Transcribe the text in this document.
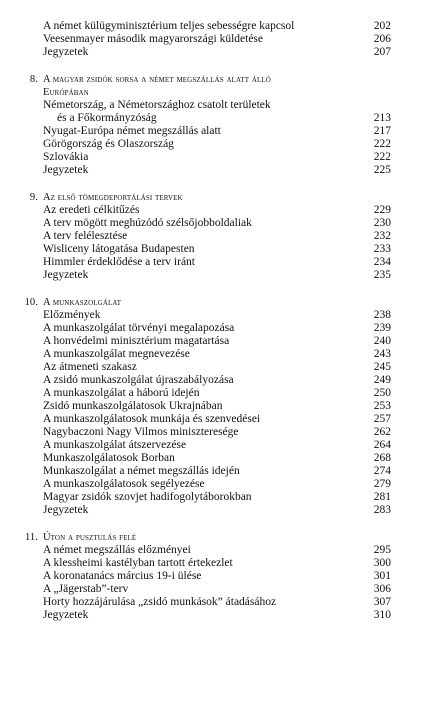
A német külügyminisztérium teljes sebességre kapcsol	202
Veesenmayer második magyarországi küldetése	206
Jegyzetek	207
8. A magyar zsidók sorsa a német megszállás alatt álló
Európában
Németország, a Németországhoz csatolt területek
és a Főkormányzóság	213
Nyugat-Európa német megszállás alatt	217
Görögország és Olaszország	222
Szlovákia	222
Jegyzetek	225
9. Az első tömegdeportálási tervek
Az eredeti célkitűzés	229
A terv mögött meghúzódó szélsőjobboldaliak	230
A terv felélesztése	232
Wisliceny látogatása Budapesten	233
Himmler érdeklődése a terv iránt	234
Jegyzetek	235
10. A munkaszolgálat
Előzmények	238
A munkaszolgálat törvényi megalapozása	239
A honvédelmi minisztérium magatartása	240
A munkaszolgálat megnevezése	243
Az átmeneti szakasz	245
A zsidó munkaszolgálat újraszabályozása	249
A munkaszolgálat a háború idején	250
Zsidó munkaszolgálatosok Ukrajnában	253
A munkaszolgálatosok munkája és szenvedései	257
Nagybaczoni Nagy Vilmos miniszteresége	262
A munkaszolgálat átszervezése	264
Munkaszolgálatosok Borban	268
Munkaszolgálat a német megszállás idején	274
A munkaszolgálatosok segélyezése	279
Magyar zsidók szovjet hadifogolytáborokban	281
Jegyzetek	283
11. Úton a pusztulás felé
A német megszállás előzményei	295
A klessheimi kastélyban tartott értekezlet	300
A koronatanács március 19-i ülése	301
A „Jägerstab”-terv	306
Horty hozzájárulása „zsidó munkások” átadásához	307
Jegyzetek	310
